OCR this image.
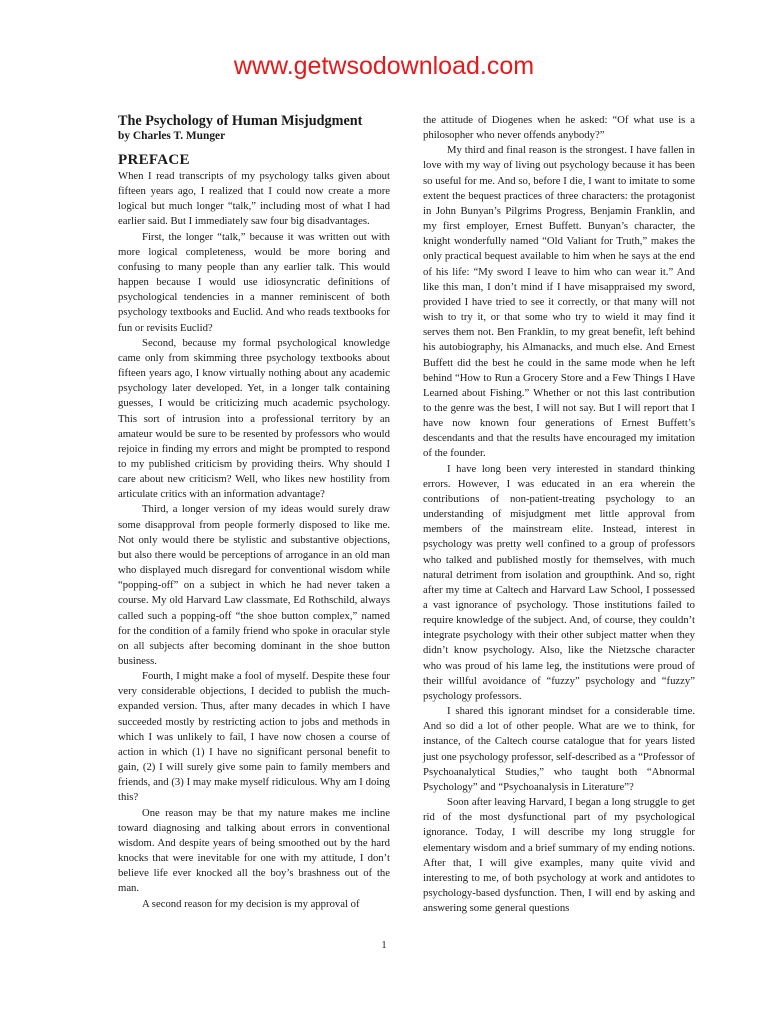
www.getwsodownload.com
The Psychology of Human Misjudgment
by Charles T. Munger
PREFACE

When I read transcripts of my psychology talks given about fifteen years ago, I realized that I could now create a more logical but much longer “talk,” including most of what I had earlier said. But I immediately saw four big disadvantages.

First, the longer “talk,” because it was written out with more logical completeness, would be more boring and confusing to many people than any earlier talk. This would happen because I would use idiosyncratic definitions of psychological tendencies in a manner reminiscent of both psychology textbooks and Euclid. And who reads textbooks for fun or revisits Euclid?

Second, because my formal psychological knowledge came only from skimming three psychology textbooks about fifteen years ago, I know virtually nothing about any academic psychology later developed. Yet, in a longer talk containing guesses, I would be criticizing much academic psychology. This sort of intrusion into a professional territory by an amateur would be sure to be resented by professors who would rejoice in finding my errors and might be prompted to respond to my published criticism by providing theirs. Why should I care about new criticism? Well, who likes new hostility from articulate critics with an information advantage?

Third, a longer version of my ideas would surely draw some disapproval from people formerly disposed to like me. Not only would there be stylistic and substantive objections, but also there would be perceptions of arrogance in an old man who displayed much disregard for conventional wisdom while “popping-off” on a subject in which he had never taken a course. My old Harvard Law classmate, Ed Rothschild, always called such a popping-off “the shoe button complex,” named for the condition of a family friend who spoke in oracular style on all subjects after becoming dominant in the shoe button business.

Fourth, I might make a fool of myself. Despite these four very considerable objections, I decided to publish the much-expanded version. Thus, after many decades in which I have succeeded mostly by restricting action to jobs and methods in which I was unlikely to fail, I have now chosen a course of action in which (1) I have no significant personal benefit to gain, (2) I will surely give some pain to family members and friends, and (3) I may make myself ridiculous. Why am I doing this?

One reason may be that my nature makes me incline toward diagnosing and talking about errors in conventional wisdom. And despite years of being smoothed out by the hard knocks that were inevitable for one with my attitude, I don’t believe life ever knocked all the boy’s brashness out of the man.

A second reason for my decision is my approval of

the attitude of Diogenes when he asked: “Of what use is a philosopher who never offends anybody?”

My third and final reason is the strongest. I have fallen in love with my way of living out psychology because it has been so useful for me. And so, before I die, I want to imitate to some extent the bequest practices of three characters: the protagonist in John Bunyan’s Pilgrims Progress, Benjamin Franklin, and my first employer, Ernest Buffett. Bunyan’s character, the knight wonderfully named “Old Valiant for Truth,” makes the only practical bequest available to him when he says at the end of his life: “My sword I leave to him who can wear it.” And like this man, I don’t mind if I have misappraised my sword, provided I have tried to see it correctly, or that many will not wish to try it, or that some who try to wield it may find it serves them not. Ben Franklin, to my great benefit, left behind his autobiography, his Almanacks, and much else. And Ernest Buffett did the best he could in the same mode when he left behind “How to Run a Grocery Store and a Few Things I Have Learned about Fishing.” Whether or not this last contribution to the genre was the best, I will not say. But I will report that I have now known four generations of Ernest Buffett’s descendants and that the results have encouraged my imitation of the founder.

I have long been very interested in standard thinking errors. However, I was educated in an era wherein the contributions of non-patient-treating psychology to an understanding of misjudgment met little approval from members of the mainstream elite. Instead, interest in psychology was pretty well confined to a group of professors who talked and published mostly for themselves, with much natural detriment from isolation and groupthink. And so, right after my time at Caltech and Harvard Law School, I possessed a vast ignorance of psychology. Those institutions failed to require knowledge of the subject. And, of course, they couldn’t integrate psychology with their other subject matter when they didn’t know psychology. Also, like the Nietzsche character who was proud of his lame leg, the institutions were proud of their willful avoidance of “fuzzy” psychology and “fuzzy” psychology professors.

I shared this ignorant mindset for a considerable time. And so did a lot of other people. What are we to think, for instance, of the Caltech course catalogue that for years listed just one psychology professor, self-described as a “Professor of Psychoanalytical Studies,” who taught both “Abnormal Psychology” and “Psychoanalysis in Literature”?

Soon after leaving Harvard, I began a long struggle to get rid of the most dysfunctional part of my psychological ignorance. Today, I will describe my long struggle for elementary wisdom and a brief summary of my ending notions. After that, I will give examples, many quite vivid and interesting to me, of both psychology at work and antidotes to psychology-based dysfunction. Then, I will end by asking and answering some general questions

1
